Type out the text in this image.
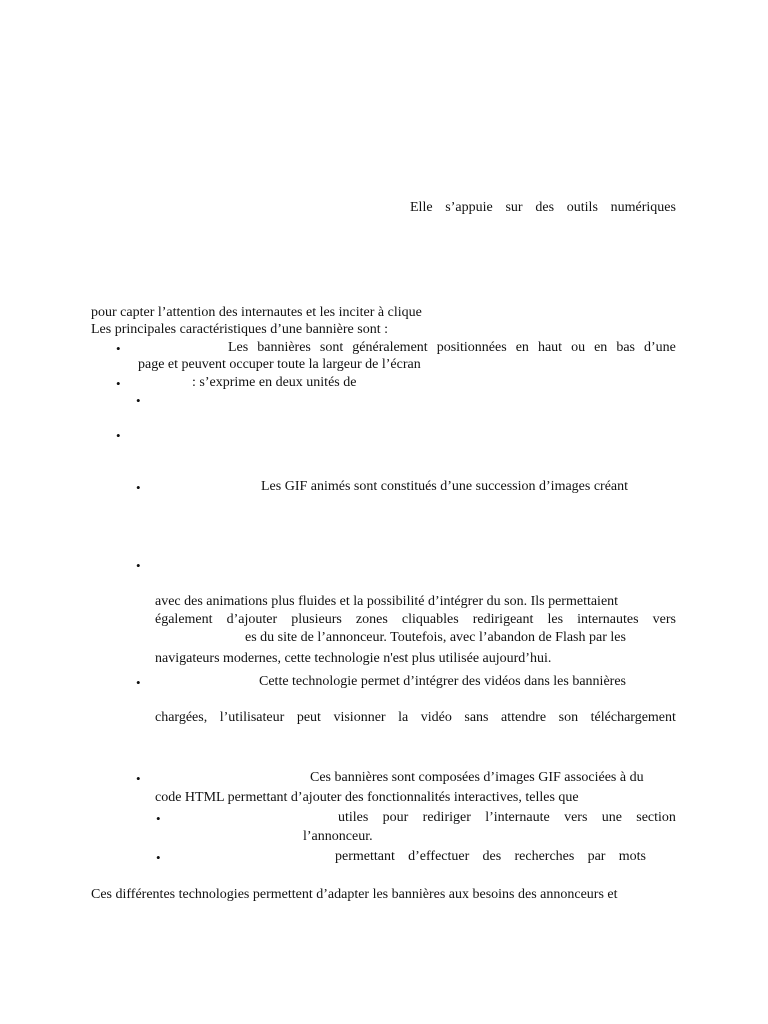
Elle s’appuie sur des outils numériques
pour capter l’attention des internautes et les inciter à clique
Les principales caractéristiques d’une bannière sont :
•	Les bannières sont généralement positionnées en haut ou en bas d’une
page et peuvent occuper toute la largeur de l’écran
•	: s’exprime en deux unités de
•
•
•	Les GIF animés sont constitués d’une succession d’images créant
•
avec des animations plus fluides et la possibilité d’intégrer du son. Ils permettaient
également d’ajouter plusieurs zones cliquables redirigeant les internautes vers
es du site de l’annonceur. Toutefois, avec l’abandon de Flash par les
navigateurs modernes, cette technologie n'est plus utilisée aujourd’hui.
•	Cette technologie permet d’intégrer des vidéos dans les bannières
chargées, l’utilisateur peut visionner la vidéo sans attendre son téléchargement
•	Ces bannières sont composées d’images GIF associées à du
code HTML permettant d’ajouter des fonctionnalités interactives, telles que
•	utiles pour rediriger l’internaute vers une section
l’annonceur.
•	permettant d’effectuer des recherches par mots
Ces différentes technologies permettent d’adapter les bannières aux besoins des annonceurs et
